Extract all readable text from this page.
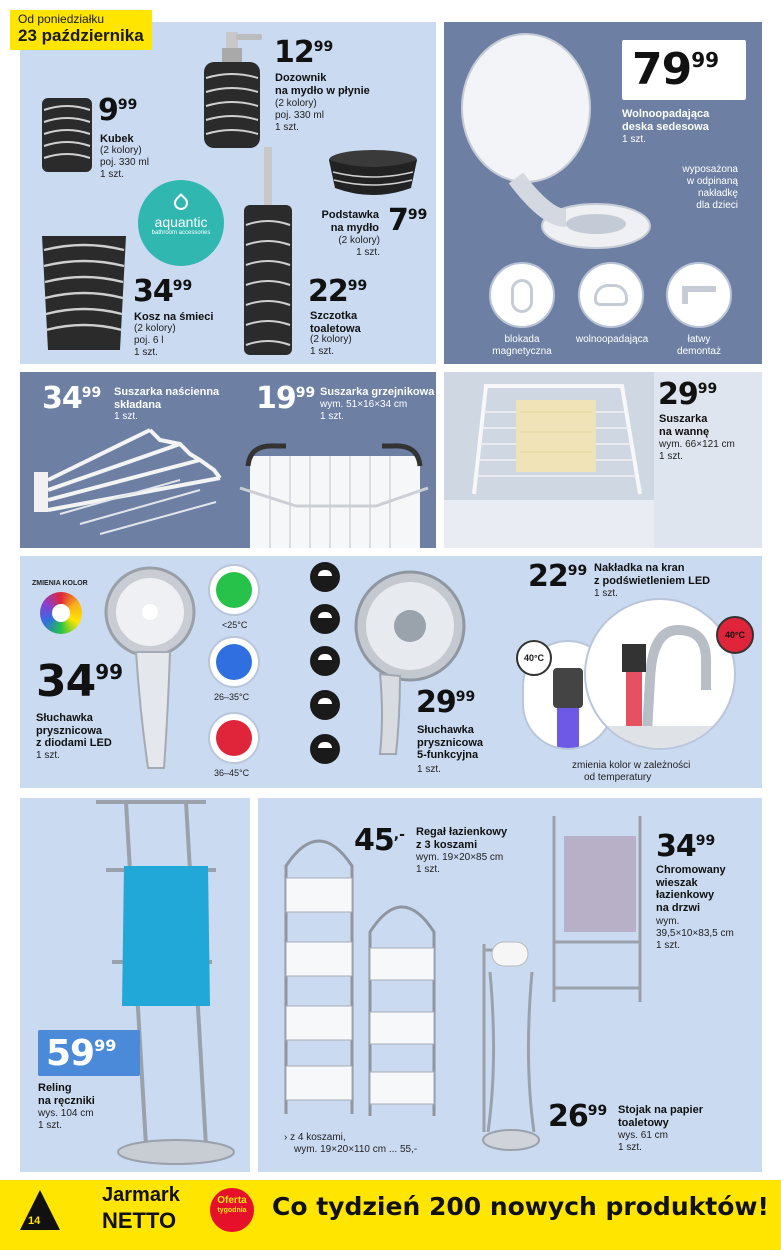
Od poniedziałku
23 października
$9^{99}$
Kubek
(2 kolory)
poj. 330 ml
1 szt.
$12^{99}$
Dozownik
na mydło w płynie
(2 kolory)
poj. 330 ml
1 szt.
aquantic
bathroom accessories
Podstawka
na mydło
(2 kolory)
1 szt.
$7^{99}$
$34^{99}$
Kosz na śmieci
(2 kolory)
poj. 6 l
1 szt.
$22^{99}$
Szczotka
toaletowa
(2 kolory)
1 szt.
$79^{99}$
Wolnoopadająca
deska sedesowa
1 szt.
wyposażona
w odpinaną
nakładkę
dla dzieci
blokada
magnetyczna
wolnoopadająca	łatwy
demontaż
$34^{99}$ Suszarka naścienna
składana
1 szt.
$19^{99}$ Suszarka grzejnikowa
wym. 51×16×34 cm
1 szt.
$29^{99}$
Suszarka
na wannę
wym. 66×121 cm
1 szt.
ZMIENIA KOLOR
$34^{99}$
Słuchawka
prysznicowa
z diodami LED
1 szt.
<25°C
26–35°C
36–45°C
$29^{99}$
Słuchawka
prysznicowa
5-funkcyjna
1 szt.
$22^{99}$ Nakładka na kran
z podświetleniem LED
1 szt.
40°C
40°C
zmienia kolor w zależności
od temperatury
$59^{99}$
Reling
na ręczniki
wys. 104 cm
1 szt.
45,- Regał łazienkowy
z 3 koszami
wym. 19×20×85 cm
1 szt.
› z 4 koszami,
wym. 19×20×110 cm ... 55,-
$34^{99}$
Chromowany
wieszak
łazienkowy
na drzwi
wym.
39,5×10×83,5 cm
1 szt.
$26^{99}$ Stojak na papier
toaletowy
wys. 61 cm
1 szt.
14
Jarmark
NETTO
Oferta
tygodnia Co tydzień 200 nowych produktów!
